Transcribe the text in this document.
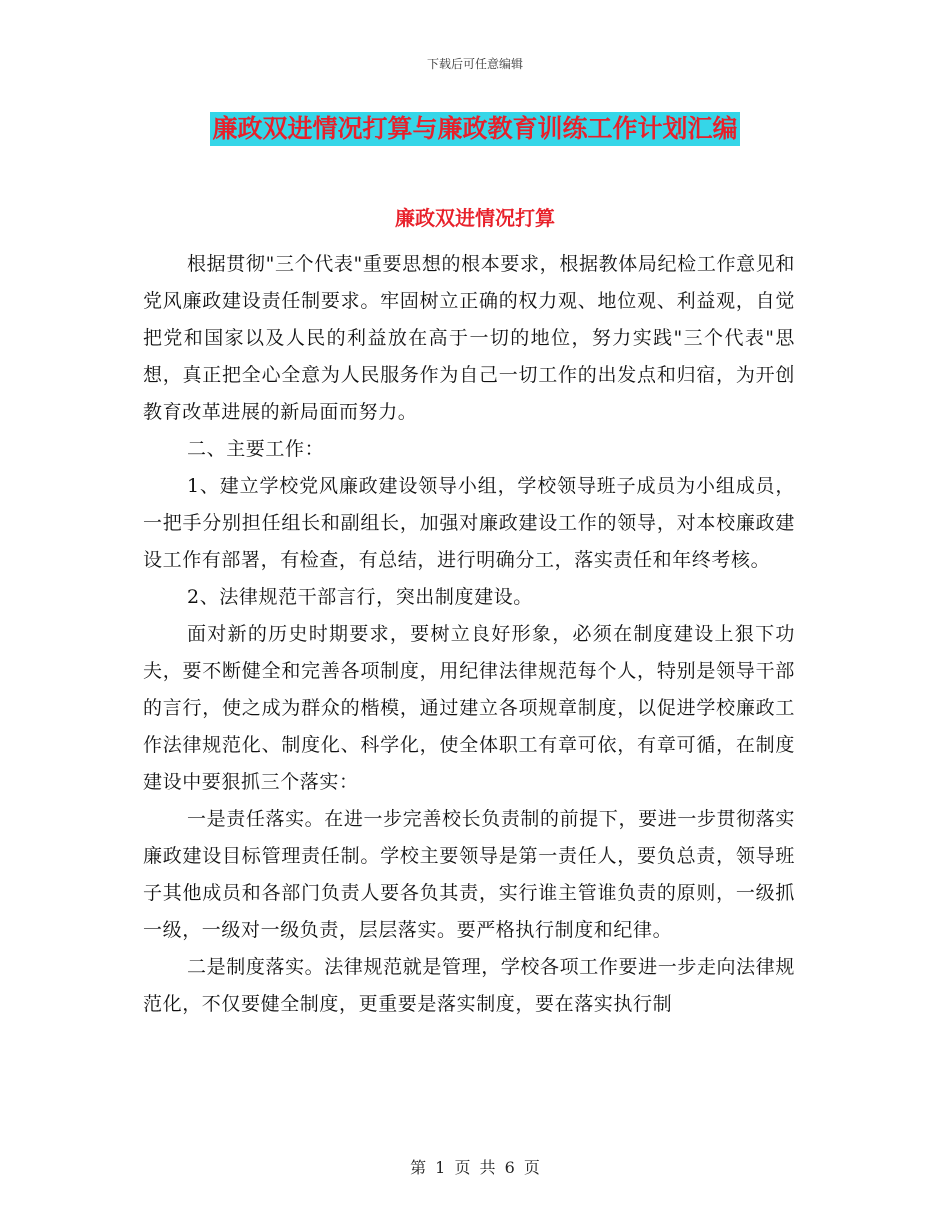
下载后可任意编辑
廉政双进情况打算与廉政教育训练工作计划汇编
廉政双进情况打算

根据贯彻"三个代表"重要思想的根本要求，根据教体局纪检工作意见和党风廉政建设责任制要求。牢固树立正确的权力观、地位观、利益观，自觉把党和国家以及人民的利益放在高于一切的地位，努力实践"三个代表"思想，真正把全心全意为人民服务作为自己一切工作的出发点和归宿，为开创教育改革进展的新局面而努力。

二、主要工作：

1、建立学校党风廉政建设领导小组，学校领导班子成员为小组成员，一把手分别担任组长和副组长，加强对廉政建设工作的领导，对本校廉政建设工作有部署，有检查，有总结，进行明确分工，落实责任和年终考核。

2、法律规范干部言行，突出制度建设。

面对新的历史时期要求，要树立良好形象，必须在制度建设上狠下功夫，要不断健全和完善各项制度，用纪律法律规范每个人，特别是领导干部的言行，使之成为群众的楷模，通过建立各项规章制度，以促进学校廉政工作法律规范化、制度化、科学化，使全体职工有章可依，有章可循，在制度建设中要狠抓三个落实：

一是责任落实。在进一步完善校长负责制的前提下，要进一步贯彻落实廉政建设目标管理责任制。学校主要领导是第一责任人，要负总责，领导班子其他成员和各部门负责人要各负其责，实行谁主管谁负责的原则，一级抓一级，一级对一级负责，层层落实。要严格执行制度和纪律。

二是制度落实。法律规范就是管理，学校各项工作要进一步走向法律规范化，不仅要健全制度，更重要是落实制度，要在落实执行制

第 1 页 共 6 页
